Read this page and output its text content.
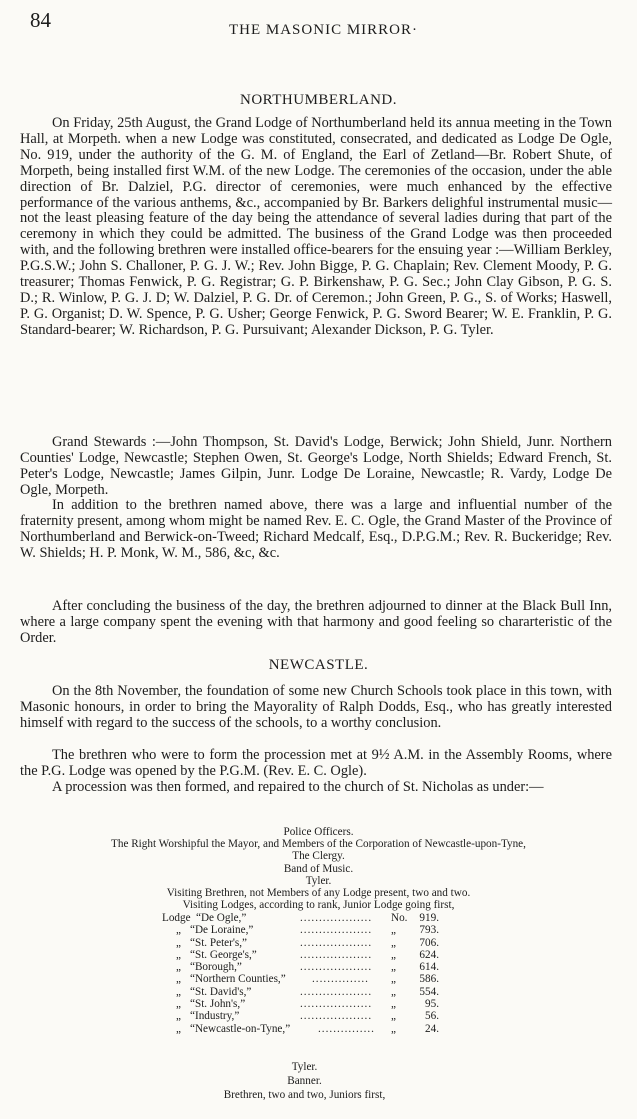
84	THE MASONIC MIRROR·
NORTHUMBERLAND.

On Friday, 25th August, the Grand Lodge of Northumberland held its annua meeting in the Town Hall, at Morpeth. when a new Lodge was constituted, consecrated, and dedicated as Lodge De Ogle, No. 919, under the authority of the G. M. of England, the Earl of Zetland—Br. Robert Shute, of Morpeth, being installed first W.M. of the new Lodge. The ceremonies of the occasion, under the able direction of Br. Dalziel, P.G. director of ceremonies, were much enhanced by the effective performance of the various anthems, &c., accompanied by Br. Barkers delighful instrumental music—not the least pleasing feature of the day being the attendance of several ladies during that part of the ceremony in which they could be admitted. The business of the Grand Lodge was then proceeded with, and the following brethren were installed office-bearers for the ensuing year :—William Berkley, P.G.S.W.; John S. Challoner, P. G. J. W.; Rev. John Bigge, P. G. Chaplain; Rev. Clement Moody, P. G. treasurer; Thomas Fenwick, P. G. Registrar; G. P. Birkenshaw, P. G. Sec.; John Clay Gibson, P. G. S. D.; R. Winlow, P. G. J. D; W. Dalziel, P. G. Dr. of Ceremon.; John Green, P. G., S. of Works; Haswell, P. G. Organist; D. W. Spence, P. G. Usher; George Fenwick, P. G. Sword Bearer; W. E. Franklin, P. G. Standard-bearer; W. Richardson, P. G. Pursuivant; Alexander Dickson, P. G. Tyler.

Grand Stewards :—John Thompson, St. David's Lodge, Berwick; John Shield, Junr. Northern Counties' Lodge, Newcastle; Stephen Owen, St. George's Lodge, North Shields; Edward French, St. Peter's Lodge, Newcastle; James Gilpin, Junr. Lodge De Loraine, Newcastle; R. Vardy, Lodge De Ogle, Morpeth.

In addition to the brethren named above, there was a large and influential number of the fraternity present, among whom might be named Rev. E. C. Ogle, the Grand Master of the Province of Northumberland and Berwick-on-Tweed; Richard Medcalf, Esq., D.P.G.M.; Rev. R. Buckeridge; Rev. W. Shields; H. P. Monk, W. M., 586, &c, &c.

After concluding the business of the day, the brethren adjourned to dinner at the Black Bull Inn, where a large company spent the evening with that harmony and good feeling so chararteristic of the Order.

NEWCASTLE.

On the 8th November, the foundation of some new Church Schools took place in this town, with Masonic honours, in order to bring the Mayorality of Ralph Dodds, Esq., who has greatly interested himself with regard to the success of the schools, to a worthy conclusion.

The brethren who were to form the procession met at 9½ A.M. in the Assembly Rooms, where the P.G. Lodge was opened by the P.G.M. (Rev. E. C. Ogle).

A procession was then formed, and repaired to the church of St. Nicholas as under:—

Police Officers.
The Right Worshipful the Mayor, and Members of the Corporation of Newcastle-upon-Tyne,
The Clergy.
Band of Music.
Tyler.
Visiting Brethren, not Members of any Lodge present, two and two.
Visiting Lodges, according to rank, Junior Lodge going first,
Lodge “De Ogle,”	................... No.	919.
„ “De Loraine,”	................... „	793.
„ “St. Peter's,”	................... „	706.
„ “St. George's,”	................... „	624.
„ “Borough,”	................... „	614.
„ “Northern Counties,” ............... „	586.
„ “St. David's,”	................... „	554.
„ “St. John's,”	................... „	95.
„ “Industry,”	................... „	56.
„ “Newcastle-on-Tyne,” ............... „	24.
Tyler.
Banner.
Brethren, two and two, Juniors first,
